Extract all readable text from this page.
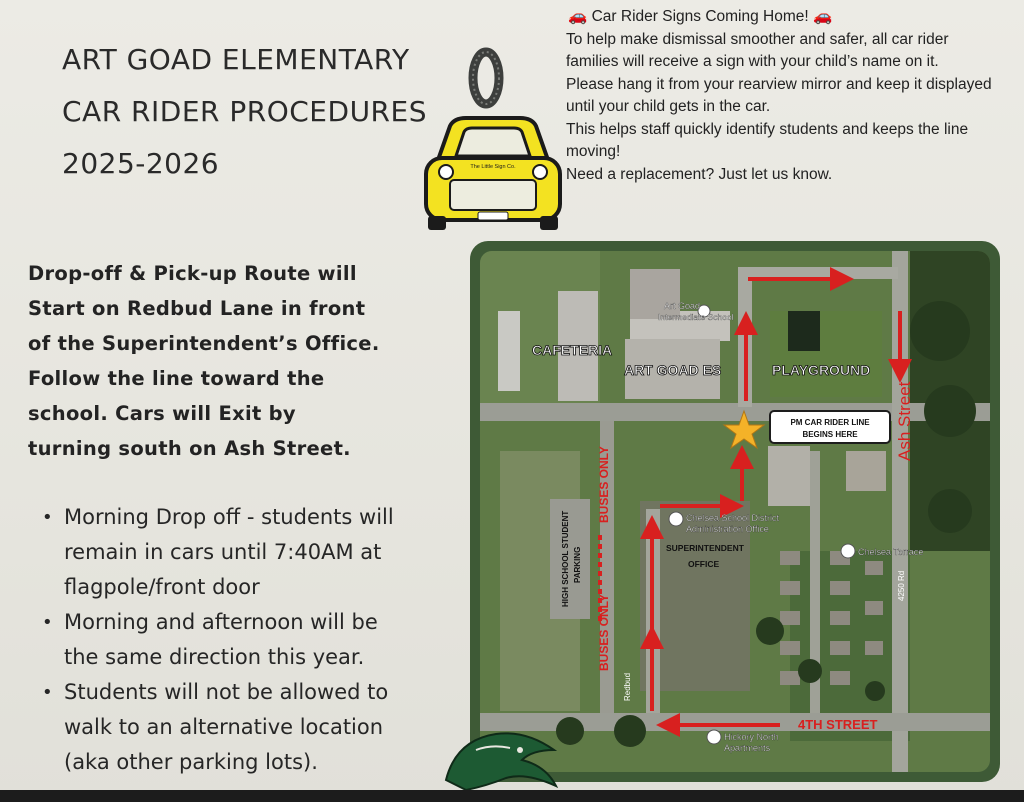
ART GOAD ELEMENTARY
CAR RIDER PROCEDURES
2025-2026	The Little Sign Co.

🚗 Car Rider Signs Coming Home! 🚗

To help make dismissal smoother and safer, all car rider families will receive a sign with your child’s name on it.

Please hang it from your rearview mirror and keep it displayed until your child gets in the car.

This helps staff quickly identify students and keeps the line moving!

Need a replacement? Just let us know.

Drop-off & Pick-up Route will
Start on Redbud Lane in front
of the Superintendent’s Office.
Follow the line toward the
school. Cars will Exit by
turning south on Ash Street.
• Morning Drop off - students will
remain in cars until 7:40AM at
flagpole/front door
• Morning and afternoon will be
the same direction this year.
• Students will not be allowed to
walk to an alternative location
(aka other parking lots).
PM CAR RIDER LINE
BEGINS HERE
Art Goad
Intermediate School
CAFETERIA
ART GOAD ES	PLAYGROUND
Ash Street
BUSES ONLY
BUSES ONLY
HIGH SCHOOL STUDENT PARKING
Chelsea School District
Administration Office
SUPERINTENDENT
OFFICE
Chelsea Terrace
4250 Rd
Redbud
4TH STREET
Hickory North
Apartments
